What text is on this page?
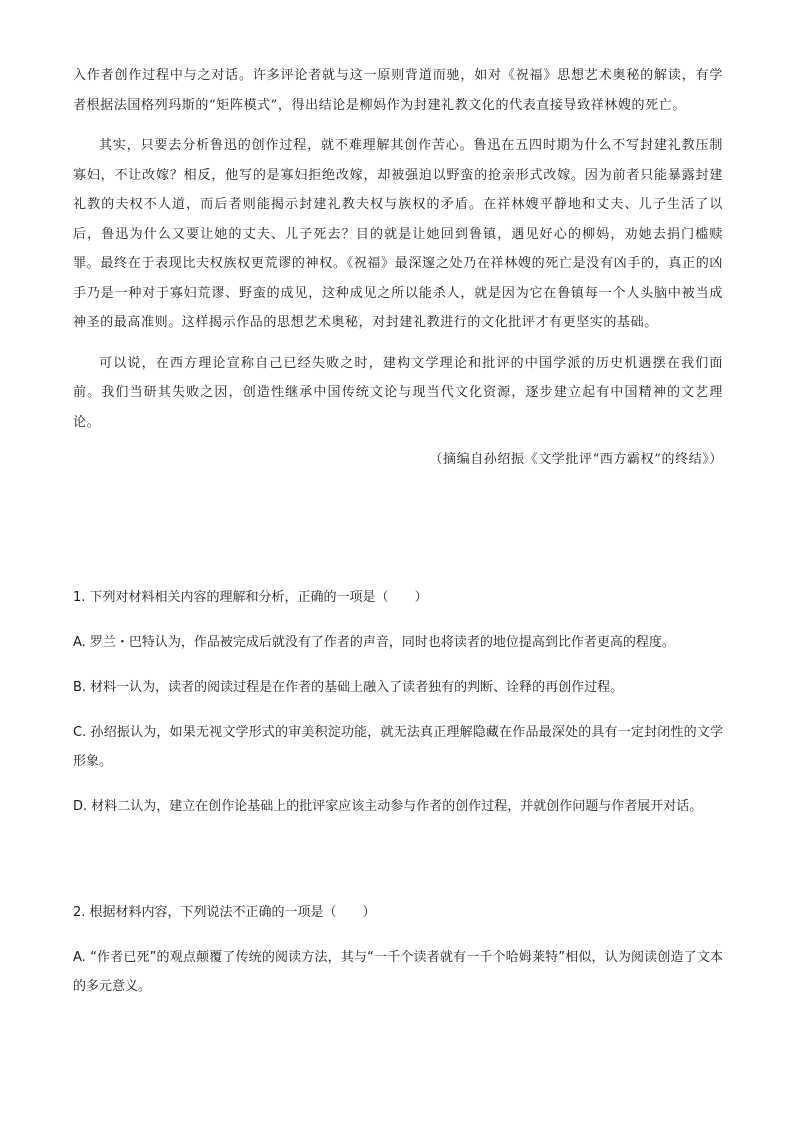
入作者创作过程中与之对话。许多评论者就与这一原则背道而驰，如对《祝福》思想艺术奥秘的解读，有学者根据法国格列玛斯的“矩阵模式”，得出结论是柳妈作为封建礼教文化的代表直接导致祥林嫂的死亡。

其实，只要去分析鲁迅的创作过程，就不难理解其创作苦心。鲁迅在五四时期为什么不写封建礼教压制寡妇，不让改嫁？相反，他写的是寡妇拒绝改嫁，却被强迫以野蛮的抢亲形式改嫁。因为前者只能暴露封建礼教的夫权不人道，而后者则能揭示封建礼教夫权与族权的矛盾。在祥林嫂平静地和丈夫、儿子生活了以后，鲁迅为什么又要让她的丈夫、儿子死去？目的就是让她回到鲁镇，遇见好心的柳妈，劝她去捐门槛赎罪。最终在于表现比夫权族权更荒谬的神权。《祝福》最深邃之处乃在祥林嫂的死亡是没有凶手的，真正的凶手乃是一种对于寡妇荒谬、野蛮的成见，这种成见之所以能杀人，就是因为它在鲁镇每一个人头脑中被当成神圣的最高准则。这样揭示作品的思想艺术奥秘，对封建礼教进行的文化批评才有更坚实的基础。

可以说，在西方理论宣称自己已经失败之时，建构文学理论和批评的中国学派的历史机遇摆在我们面前。我们当研其失败之因，创造性继承中国传统文论与现当代文化资源，逐步建立起有中国精神的文艺理论。

（摘编自孙绍振《文学批评“西方霸权”的终结》）

1. 下列对材料相关内容的理解和分析，正确的一项是（　　）

A. 罗兰・巴特认为，作品被完成后就没有了作者的声音，同时也将读者的地位提高到比作者更高的程度。

B. 材料一认为，读者的阅读过程是在作者的基础上融入了读者独有的判断、诠释的再创作过程。

C. 孙绍振认为，如果无视文学形式的审美积淀功能，就无法真正理解隐藏在作品最深处的具有一定封闭性的文学形象。

D. 材料二认为，建立在创作论基础上的批评家应该主动参与作者的创作过程，并就创作问题与作者展开对话。

2. 根据材料内容，下列说法不正确的一项是（　　）

A. “作者已死”的观点颠覆了传统的阅读方法，其与“一千个读者就有一千个哈姆莱特”相似，认为阅读创造了文本的多元意义。
